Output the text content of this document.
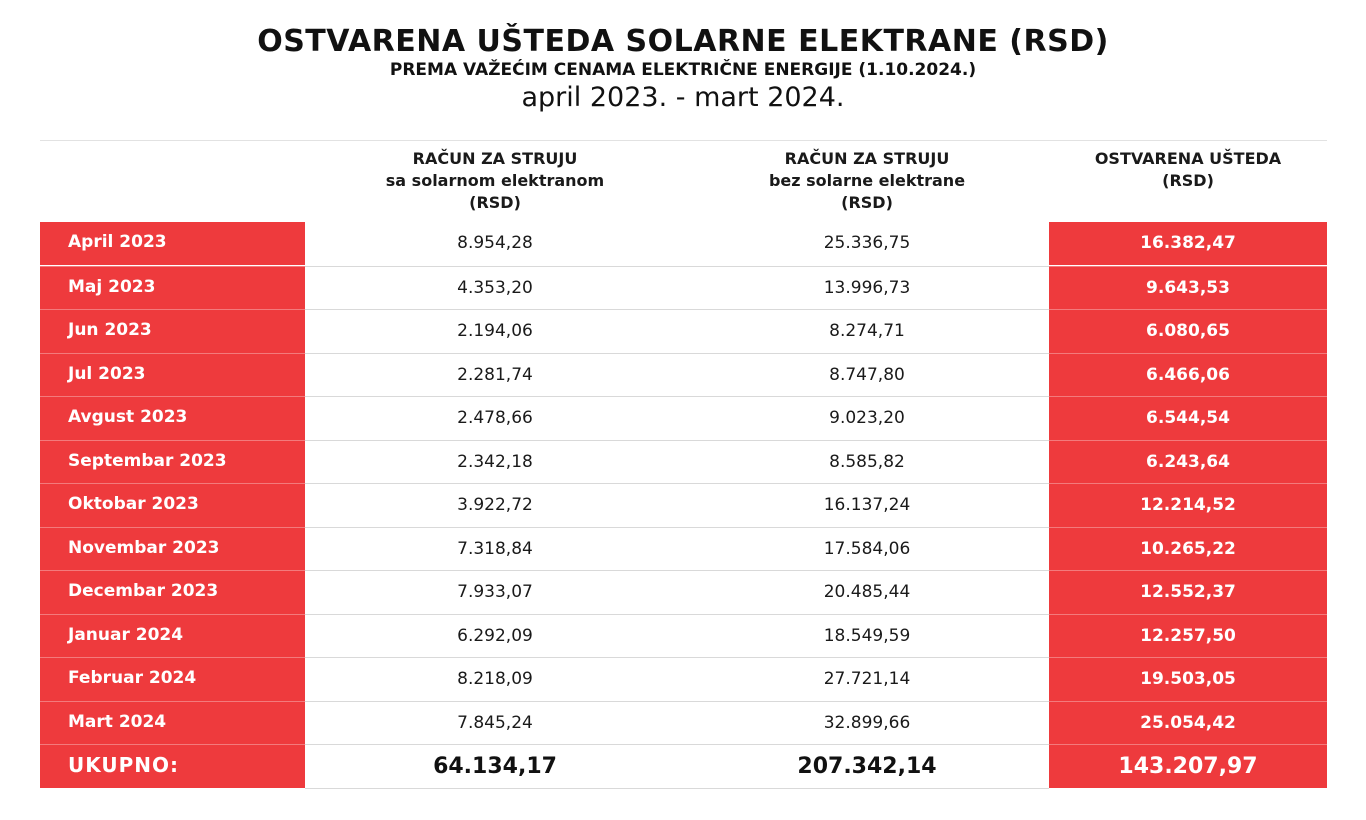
OSTVARENA UŠTEDA SOLARNE ELEKTRANE (RSD)
PREMA VAŽEĆIM CENAMA ELEKTRIČNE ENERGIJE (1.10.2024.)
april 2023. - mart 2024.
RAČUN ZA STRUJU
sa solarnom elektranom
(RSD)
RAČUN ZA STRUJU
bez solarne elektrane
(RSD)
OSTVARENA UŠTEDA
(RSD)
April 2023	8.954,28	25.336,75	16.382,47
Maj 2023	4.353,20	13.996,73	9.643,53
Jun 2023	2.194,06	8.274,71	6.080,65
Jul 2023	2.281,74	8.747,80	6.466,06
Avgust 2023	2.478,66	9.023,20	6.544,54
Septembar 2023	2.342,18	8.585,82	6.243,64
Oktobar 2023	3.922,72	16.137,24	12.214,52
Novembar 2023	7.318,84	17.584,06	10.265,22
Decembar 2023	7.933,07	20.485,44	12.552,37
Januar 2024	6.292,09	18.549,59	12.257,50
Februar 2024	8.218,09	27.721,14	19.503,05
Mart 2024	7.845,24	32.899,66	25.054,42
UKUPNO:	64.134,17	207.342,14	143.207,97
